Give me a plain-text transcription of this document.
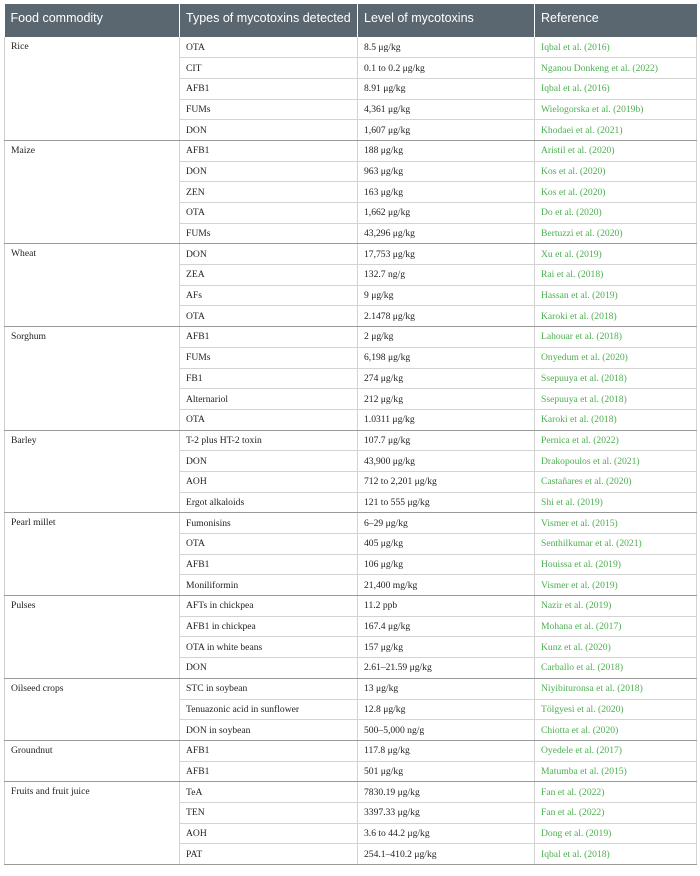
Food commodity	Types of mycotoxins detected	Level of mycotoxins	Reference
Rice	OTA	8.5 μg/kg	Iqbal et al. (2016)
	CIT	0.1 to 0.2 μg/kg	Nganou Donkeng et al. (2022)
	AFB1	8.91 μg/kg	Iqbal et al. (2016)
	FUMs	4,361 μg/kg	Wielogorska et al. (2019b)
	DON	1,607 μg/kg	Khodaei et al. (2021)
Maize	AFB1	188 μg/kg	Aristil et al. (2020)
	DON	963 μg/kg	Kos et al. (2020)
	ZEN	163 μg/kg	Kos et al. (2020)
	OTA	1,662 μg/kg	Do et al. (2020)
	FUMs	43,296 μg/kg	Bertuzzi et al. (2020)
Wheat	DON	17,753 μg/kg	Xu et al. (2019)
	ZEA	132.7 ng/g	Rai et al. (2018)
	AFs	9 μg/kg	Hassan et al. (2019)
	OTA	2.1478 μg/kg	Karoki et al. (2018)
Sorghum	AFB1	2 μg/kg	Lahouar et al. (2018)
	FUMs	6,198 μg/kg	Onyedum et al. (2020)
	FB1	274 μg/kg	Ssepuuya et al. (2018)
	Alternariol	212 μg/kg	Ssepuuya et al. (2018)
	OTA	1.0311 μg/kg	Karoki et al. (2018)
Barley	T-2 plus HT-2 toxin	107.7 μg/kg	Pernica et al. (2022)
	DON	43,900 μg/kg	Drakopoulos et al. (2021)
	AOH	712 to 2,201 μg/kg	Castañares et al. (2020)
	Ergot alkaloids	121 to 555 μg/kg	Shi et al. (2019)
Pearl millet	Fumonisins	6–29 μg/kg	Vismer et al. (2015)
	OTA	405 μg/kg	Senthilkumar et al. (2021)
	AFB1	106 μg/kg	Houissa et al. (2019)
	Moniliformin	21,400 mg/kg	Vismer et al. (2019)
Pulses	AFTs in chickpea	11.2 ppb	Nazir et al. (2019)
	AFB1 in chickpea	167.4 μg/kg	Mohana et al. (2017)
	OTA in white beans	157 μg/kg	Kunz et al. (2020)
	DON	2.61–21.59 μg/kg	Carballo et al. (2018)
Oilseed crops	STC in soybean	13 μg/kg	Niyibituronsa et al. (2018)
	Tenuazonic acid in sunflower	12.8 μg/kg	Tölgyesi et al. (2020)
	DON in soybean	500–5,000 ng/g	Chiotta et al. (2020)
Groundnut	AFB1	117.8 μg/kg	Oyedele et al. (2017)
	AFB1	501 μg/kg	Matumba et al. (2015)
Fruits and fruit juice	TeA	7830.19 μg/kg	Fan et al. (2022)
	TEN	3397.33 μg/kg	Fan et al. (2022)
	AOH	3.6 to 44.2 μg/kg	Dong et al. (2019)
	PAT	254.1–410.2 μg/kg	Iqbal et al. (2018)
